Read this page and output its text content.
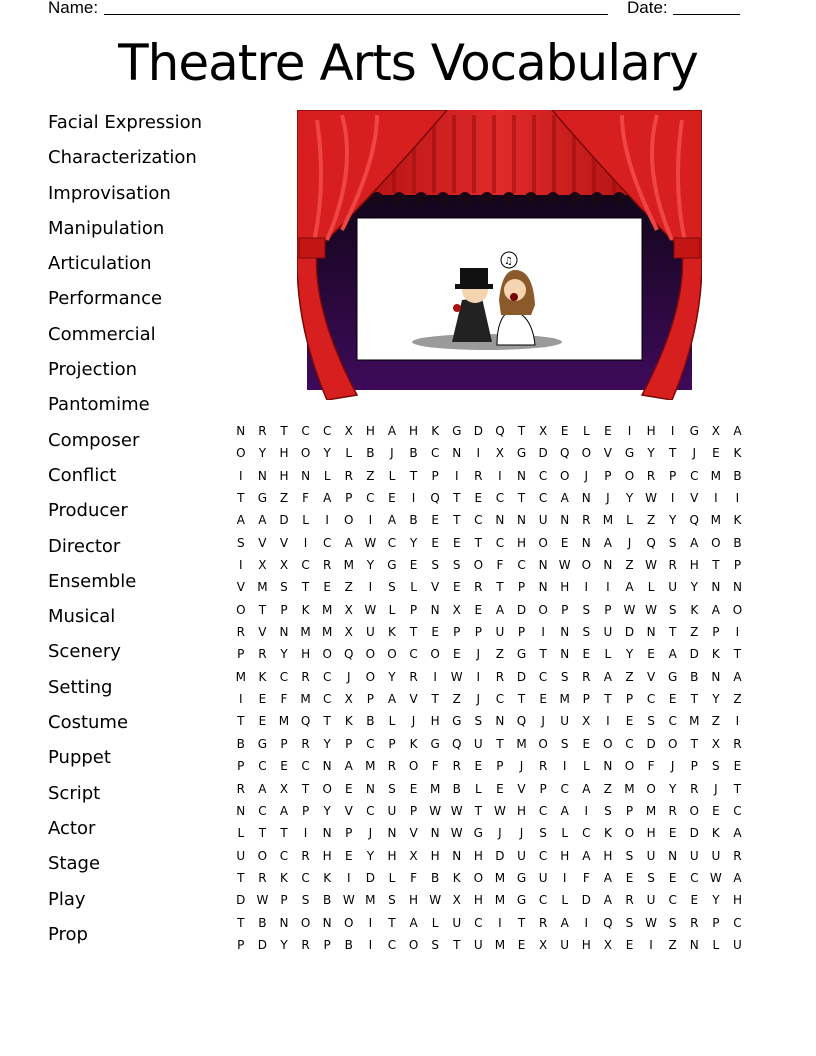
Name:	Date:
Theatre Arts Vocabulary
Facial Expression
Characterization
Improvisation
Manipulation
Articulation
Performance
Commercial
Projection
Pantomime
Composer
Conflict
Producer
Director
Ensemble
Musical
Scenery
Setting
Costume
Puppet
Script
Actor
Stage
Play
Prop
♫
N	R	T	C	C	X	H	A	H	K	G	D	Q	T	X	E	L	E	I	H	I	G	X	A
O	Y	H	O	Y	L	B	J	B	C	N	I	X	G	D	Q	O	V	G	Y	T	J	E	K
I	N	H	N	L	R	Z	L	T	P	I	R	I	N	C	O	J	P	O	R	P	C	M	B
T	G	Z	F	A	P	C	E	I	Q	T	E	C	T	C	A	N	J	Y W	I	V	I	I
A	A	D	L	I	O	I	A	B	E	T	C	N	N	U	N	R	M	L	Z	Y	Q M	K
S	V	V	I	C	A W C	Y	E	E	T	C	H	O	E	N	A	J	Q	S	A	O	B
I	X	X	C	R	M	Y	G	E	S	S	O	F	C	N W O	N	Z W R	H	T	P
V	M	S	T	E	Z	I	S	L	V	E	R	T	P	N	H	I	I	A	L	U	Y	N	N
O	T	P	K	M	X W	L	P	N	X	E	A	D	O	P	S	P	W W S	K	A	O
R	V	N M M	X	U	K	T	E	P	P	U	P	I	N	S	U	D	N	T	Z	P	I
P	R	Y	H	O	Q	O	O	C	O	E	J	Z	G	T	N	E	L	Y	E	A	D	K	T
M	K	C	R	C	J	O	Y	R	I	W	I	R	D	C	S	R	A	Z	V	G	B	N	A
I	E	F	M	C	X	P	A	V	T	Z	J	C	T	E	M	P	T	P	C	E	T	Y	Z
T	E	M Q	T	K	B	L	J	H	G	S	N	Q	J	U	X	I	E	S	C	M	Z	I
B	G	P	R	Y	P	C	P	K	G	Q	U	T	M O	S	E	O	C	D	O	T	X	R
P	C	E	C	N	A	M	R	O	F	R	E	P	J	R	I	L	N	O	F	J	P	S	E
R	A	X	T	O	E	N	S	E	M	B	L	E	V	P	C	A	Z	M O	Y	R	J	T
N	C	A	P	Y	V	C	U	P	W W T W H	C	A	I	S	P	M	R	O	E	C
L	T	T	I	N	P	J	N	V	N W G	J	J	S	L	C	K	O	H	E	D	K	A
U	O	C	R	H	E	Y	H	X	H	N	H	D	U	C	H	A	H	S	U	N	U	U	R
T	R	K	C	K	I	D	L	F	B	K	O M G	U	I	F	A	E	S	E	C W A
D W	P	S	B W M	S	H W X	H M G	C	L	D	A	R	U	C	E	Y	H
T	B	N	O	N	O	I	T	A	L	U	C	I	T	R	A	I	Q	S W S	R	P	C
P	D	Y	R	P	B	I	C	O	S	T	U	M	E	X	U	H	X	E	I	Z	N	L	U
